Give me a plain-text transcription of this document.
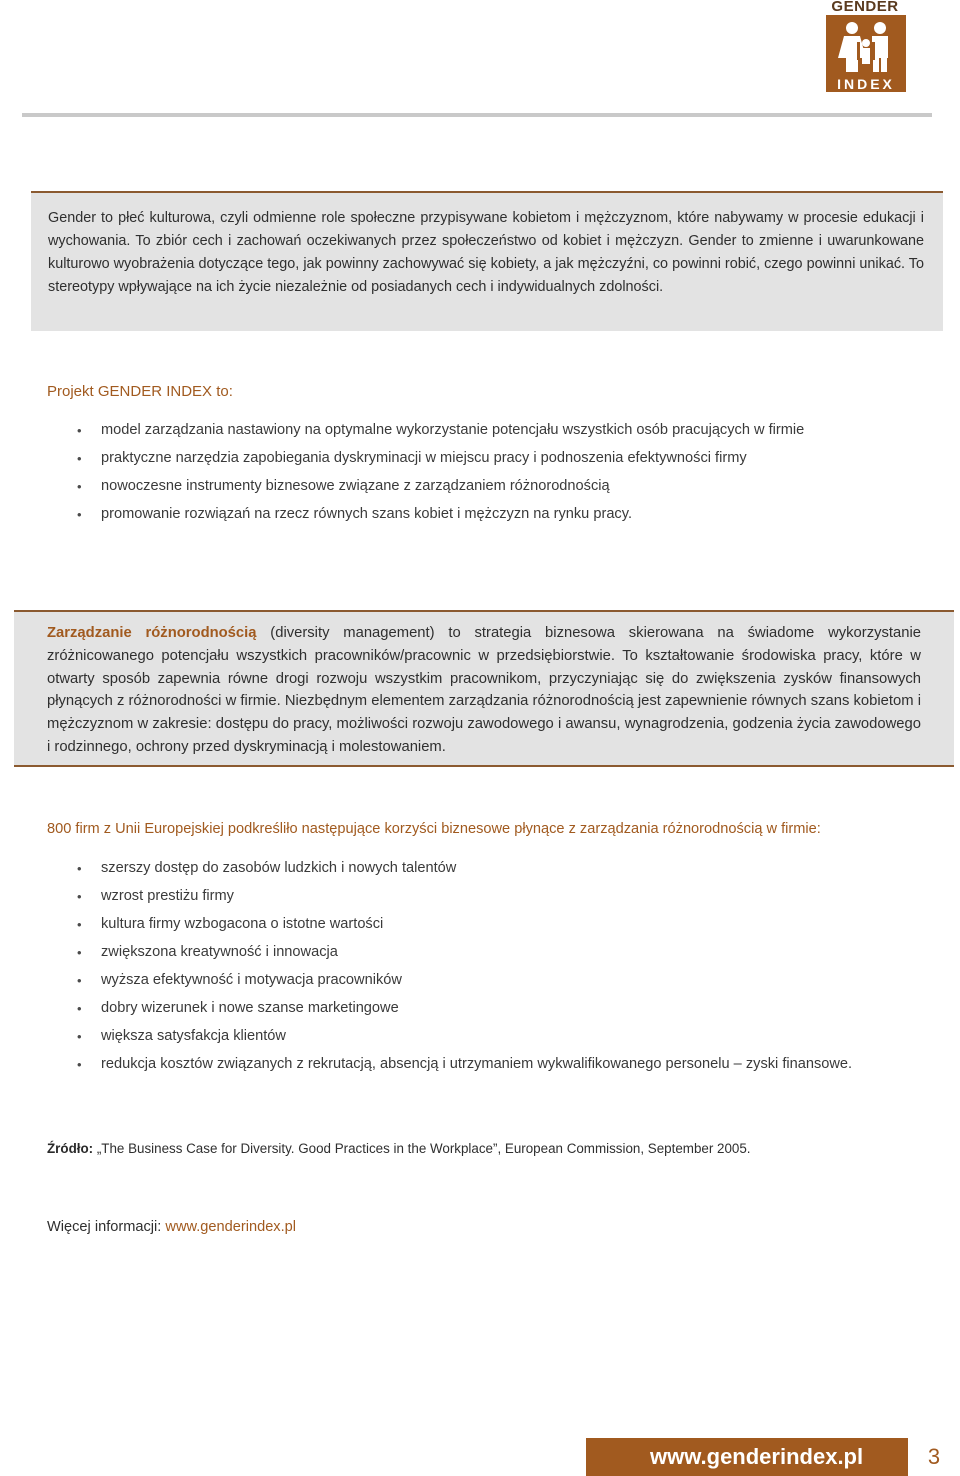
GENDER
INDEX

Gender to płeć kulturowa, czyli odmienne role społeczne przypisywane kobietom i mężczyznom, które nabywamy w procesie edukacji i wychowania. To zbiór cech i zachowań oczekiwanych przez społeczeństwo od kobiet i mężczyzn. Gender to zmienne i uwarunkowane kulturowo wyobrażenia dotyczące tego, jak powinny zachowywać się kobiety, a jak mężczyźni, co powinni robić, czego powinni unikać. To stereotypy wpływające na ich życie niezależnie od posiadanych cech i indywidualnych zdolności.

Projekt GENDER INDEX to:
• model zarządzania nastawiony na optymalne wykorzystanie potencjału wszystkich osób pracujących w firmie
• praktyczne narzędzia zapobiegania dyskryminacji w miejscu pracy i podnoszenia efektywności firmy
• nowoczesne instrumenty biznesowe związane z zarządzaniem różnorodnością
• promowanie rozwiązań na rzecz równych szans kobiet i mężczyzn na rynku pracy.

Zarządzanie różnorodnością (diversity management) to strategia biznesowa skierowana na świadome wykorzystanie zróżnicowanego potencjału wszystkich pracowników/pracownic w przedsiębiorstwie. To kształtowanie środowiska pracy, które w otwarty sposób zapewnia równe drogi rozwoju wszystkim pracownikom, przyczyniając się do zwiększenia zysków finansowych płynących z różnorodności w firmie. Niezbędnym elementem zarządzania różnorodnością jest zapewnienie równych szans kobietom i mężczyznom w zakresie: dostępu do pracy, możliwości rozwoju zawodowego i awansu, wynagrodzenia, godzenia życia zawodowego i rodzinnego, ochrony przed dyskryminacją i molestowaniem.

800 firm z Unii Europejskiej podkreśliło następujące korzyści biznesowe płynące z zarządzania różnorodnością w firmie:
• szerszy dostęp do zasobów ludzkich i nowych talentów
• wzrost prestiżu firmy
• kultura firmy wzbogacona o istotne wartości
• zwiększona kreatywność i innowacja
• wyższa efektywność i motywacja pracowników
• dobry wizerunek i nowe szanse marketingowe
• większa satysfakcja klientów
• redukcja kosztów związanych z rekrutacją, absencją i utrzymaniem wykwalifikowanego personelu – zyski finansowe.
Źródło: „The Business Case for Diversity. Good Practices in the Workplace”, European Commission, September 2005.
Więcej informacji: www.genderindex.pl
www.genderindex.pl	3
